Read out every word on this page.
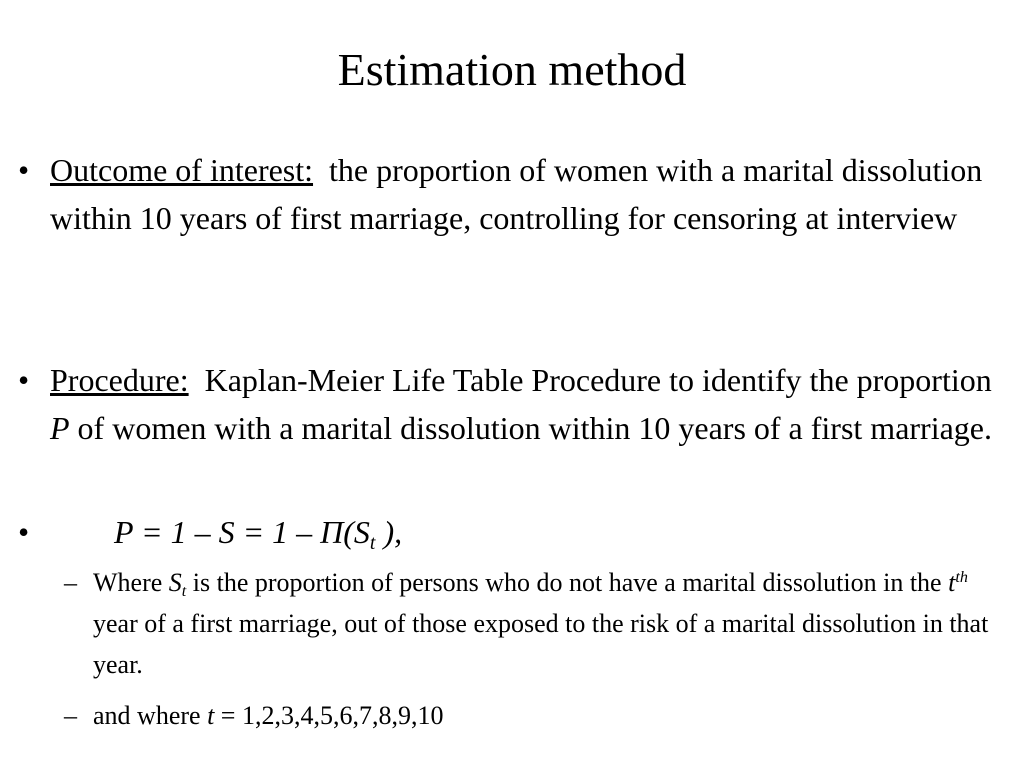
Estimation method
• Outcome of interest:  the proportion of women with a marital dissolution within 10 years of first marriage, controlling for censoring at interview
• Procedure:  Kaplan-Meier Life Table Procedure to identify the proportion  P of women with a marital dissolution within 10 years of a first marriage.
•	$P = 1 - S = 1 - \Pi(S_t$ ),
– Where $S_t$ is the proportion of persons who do not have a marital dissolution in the $t^{th}$ year of a first marriage, out of those exposed to the risk of a marital dissolution in that year.
– and where t = 1,2,3,4,5,6,7,8,9,10
